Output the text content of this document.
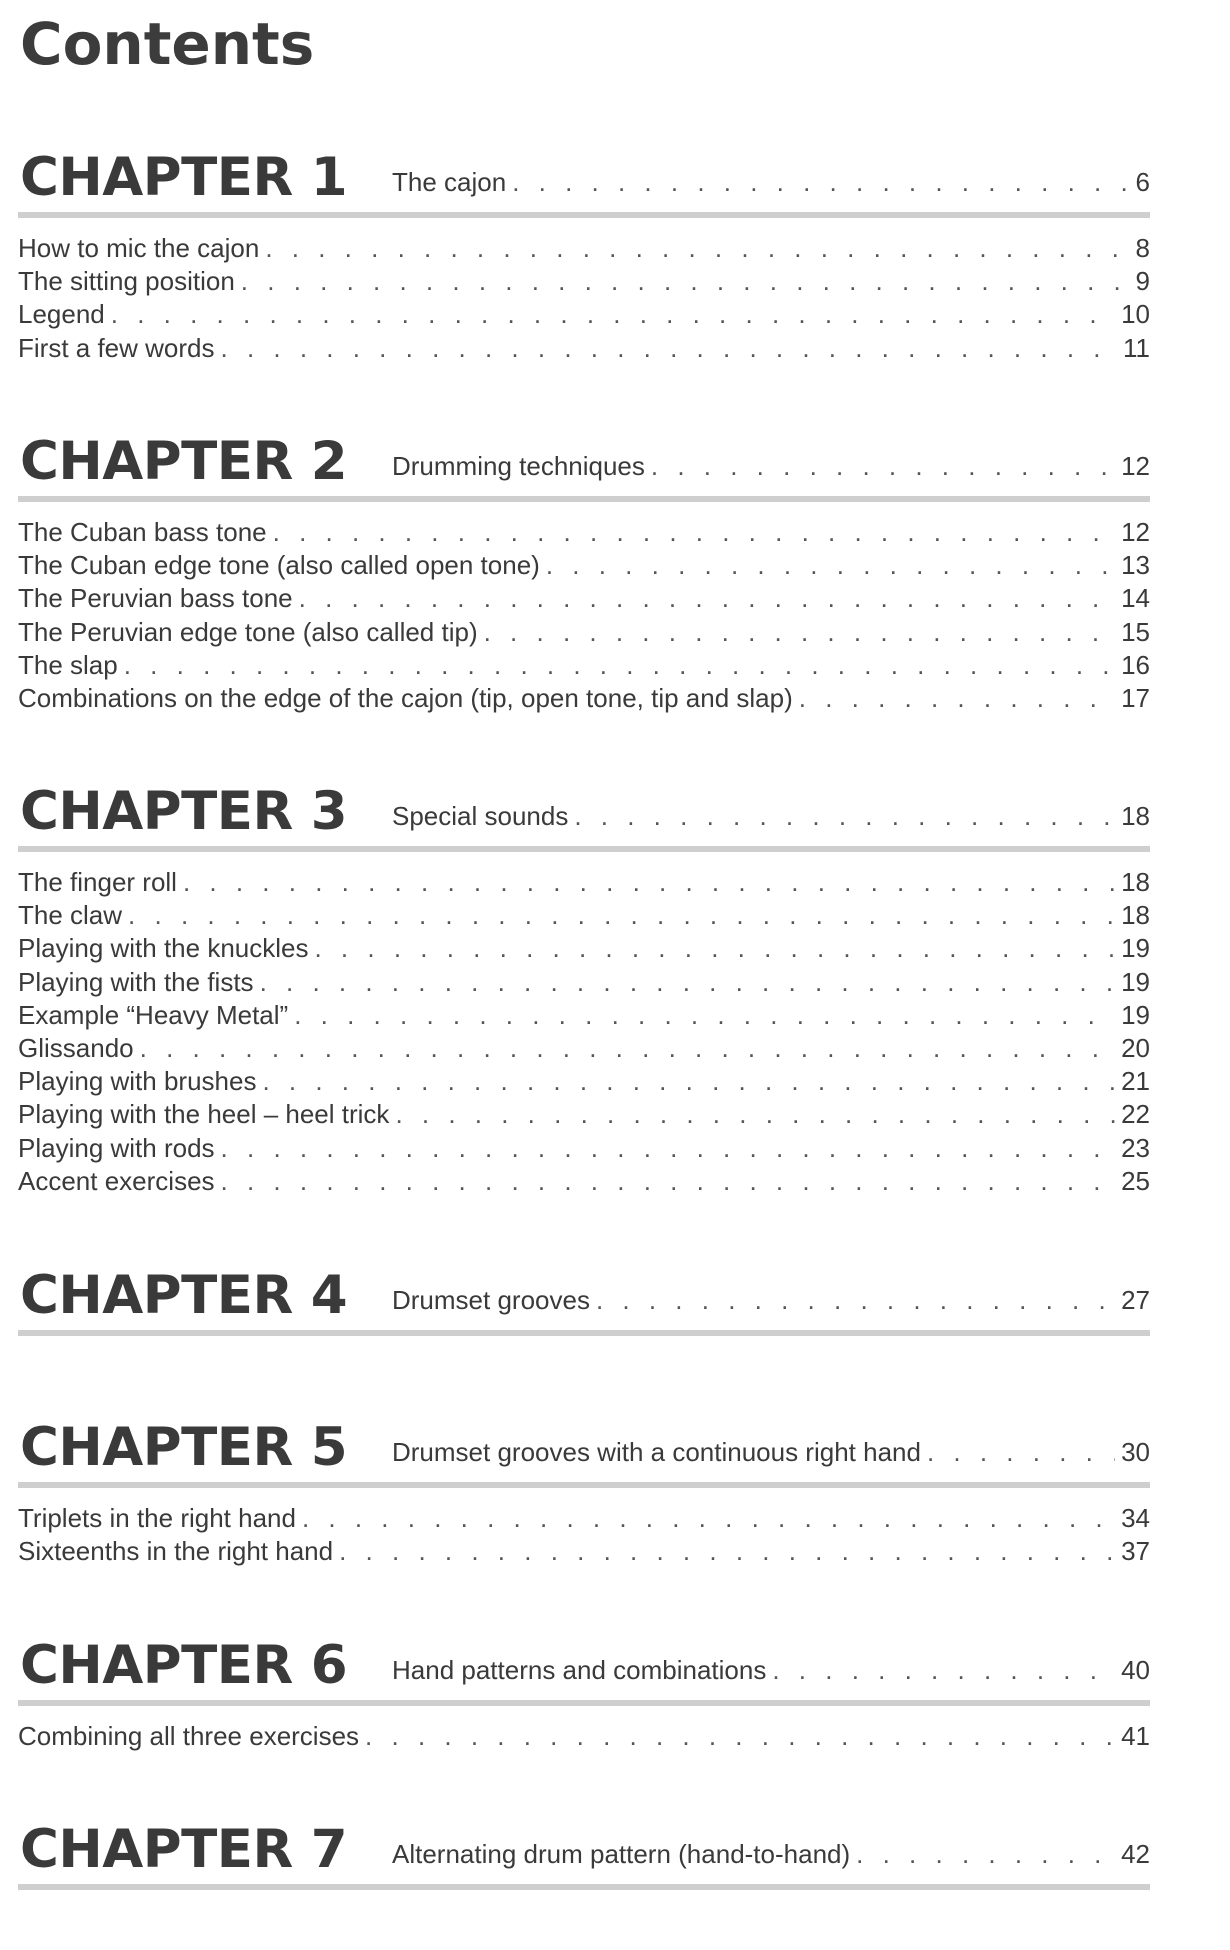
Contents
CHAPTER 1 The cajon . . .	6
How to mic the cajon . . .	8
The sitting position . . .	9
Legend . . .	10
First a few words . . .	11
CHAPTER 2 Drumming techniques . . .	12
The Cuban bass tone . . .	12
The Cuban edge tone (also called open tone) . . .	13
The Peruvian bass tone . . .	14
The Peruvian edge tone (also called tip) . . .	15
The slap . . .	16
Combinations on the edge of the cajon (tip, open tone, tip and slap) . . .	17
CHAPTER 3 Special sounds . . .	18
The finger roll . . .	18
The claw . . .	18
Playing with the knuckles . . .	19
Playing with the fists . . .	19
Example “Heavy Metal” . . .	19
Glissando . . .	20
Playing with brushes . . .	21
Playing with the heel – heel trick . . .	22
Playing with rods . . .	23
Accent exercises . . .	25
CHAPTER 4 Drumset grooves . . .	27
CHAPTER 5 Drumset grooves with a continuous right hand . . .	30
Triplets in the right hand . . .	34
Sixteenths in the right hand . . .	37
CHAPTER 6 Hand patterns and combinations . . .	40
Combining all three exercises . . .	41
CHAPTER 7 Alternating drum pattern (hand-to-hand) . . .	42
